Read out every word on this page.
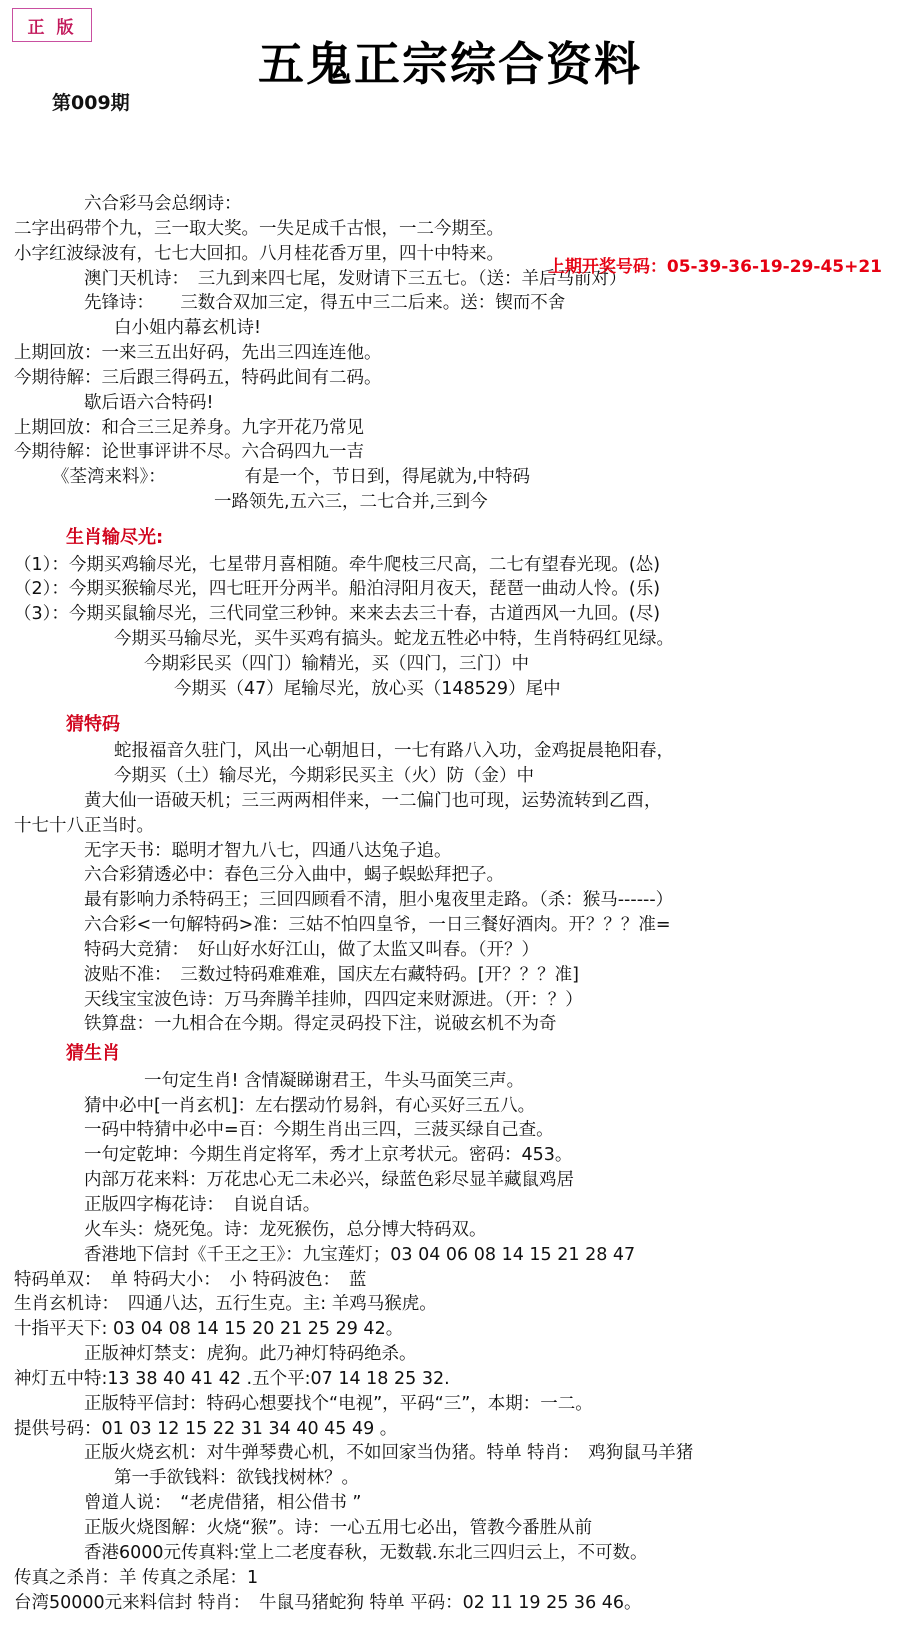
正 版
五鬼正宗综合资料
第009期
上期开奖号码：05-39-36-19-29-45+21
六合彩马会总纲诗：
二字出码带个九，三一取大奖。一失足成千古恨，一二今期至。
小字红波绿波有，七七大回扣。八月桂花香万里，四十中特来。
澳门天机诗：　三九到来四七尾，发财请下三五七。（送：羊后马前对）
先锋诗：　　三数合双加三定，得五中三二后来。送：锲而不舍
白小姐内幕玄机诗!
上期回放：一来三五出好码，先出三四连连他。
今期待解：三后跟三得码五，特码此间有二码。
歇后语六合特码!
上期回放：和合三三足养身。九字开花乃常见
今期待解：论世事评讲不尽。六合码四九一吉
《荃湾来料》：　　　　　有是一个，节日到，得尾就为,中特码
一路领先,五六三，二七合并,三到今
生肖输尽光:
（1）：今期买鸡输尽光，七星带月喜相随。牵牛爬枝三尺高，二七有望春光现。(怂)
（2）：今期买猴输尽光，四七旺开分两半。船泊浔阳月夜天，琵琶一曲动人怜。(乐)
（3）：今期买鼠输尽光，三代同堂三秒钟。来来去去三十春，古道西风一九回。(尽)
今期买马输尽光，买牛买鸡有搞头。蛇龙五牲必中特，生肖特码红见绿。
今期彩民买（四门）输精光，买（四门，三门）中
今期买（47）尾输尽光，放心买（148529）尾中
猜特码
蛇报福音久驻门，风出一心朝旭日，一七有路八入功，金鸡捉晨艳阳春，
今期买（土）输尽光，今期彩民买主（火）防（金）中
黄大仙一语破天机；三三两两相伴来，一二偏门也可现，运势流转到乙酉，
十七十八正当时。
无字天书：聪明才智九八七，四通八达兔子追。
六合彩猜透必中：春色三分入曲中，蝎子蜈蚣拜把子。
最有影响力杀特码王；三回四顾看不清，胆小鬼夜里走路。（杀：猴马------）
六合彩<一句解特码>准：三姑不怕四皇爷，一日三餐好酒肉。开？？？准=
特码大竞猜：　好山好水好江山，做了太监又叫春。（开？）
波贴不准：　三数过特码难难难，国庆左右藏特码。[开？？？准]
天线宝宝波色诗：万马奔腾羊挂帅，四四定来财源进。（开：？）
铁算盘：一九相合在今期。得定灵码投下注，说破玄机不为奇
猜生肖
一句定生肖! 含情凝睇谢君王，牛头马面笑三声。
猜中必中[一肖玄机]：左右摆动竹易斜，有心买好三五八。
一码中特猜中必中=百：今期生肖出三四，三菠买绿自己查。
一句定乾坤：今期生肖定将军，秀才上京考状元。密码：453。
内部万花来料：万花忠心无二未必兴，绿蓝色彩尽显羊藏鼠鸡居
正版四字梅花诗：　自说自话。
火车头：烧死兔。诗：龙死猴伤，总分博大特码双。
香港地下信封《千王之王》：九宝莲灯；03 04 06 08 14 15 21 28 47
特码单双：　单 特码大小：　小 特码波色：　蓝
生肖玄机诗：　四通八达，五行生克。主: 羊鸡马猴虎。
十指平天下: 03 04 08 14 15 20 21 25 29 42。
正版神灯禁支：虎狗。此乃神灯特码绝杀。
神灯五中特:13 38 40 41 42 .五个平:07 14 18 25 32.
正版特平信封：特码心想要找个“电视”，平码“三”，本期：一二。
提供号码：01 03 12 15 22 31 34 40 45 49 。
正版火烧玄机：对牛弹琴费心机，不如回家当伪猪。特单 特肖：　鸡狗鼠马羊猪
第一手欲钱料：欲钱找树林？。
曾道人说：　“老虎借猪，相公借书 ”
正版火烧图解：火烧“猴”。诗：一心五用七必出，管教今番胜从前
香港6000元传真料:堂上二老度春秋，无数载.东北三四归云上，不可数。
传真之杀肖：羊 传真之杀尾：1
台湾50000元来料信封 特肖：　牛鼠马猪蛇狗 特单 平码：02 11 19 25 36 46。
